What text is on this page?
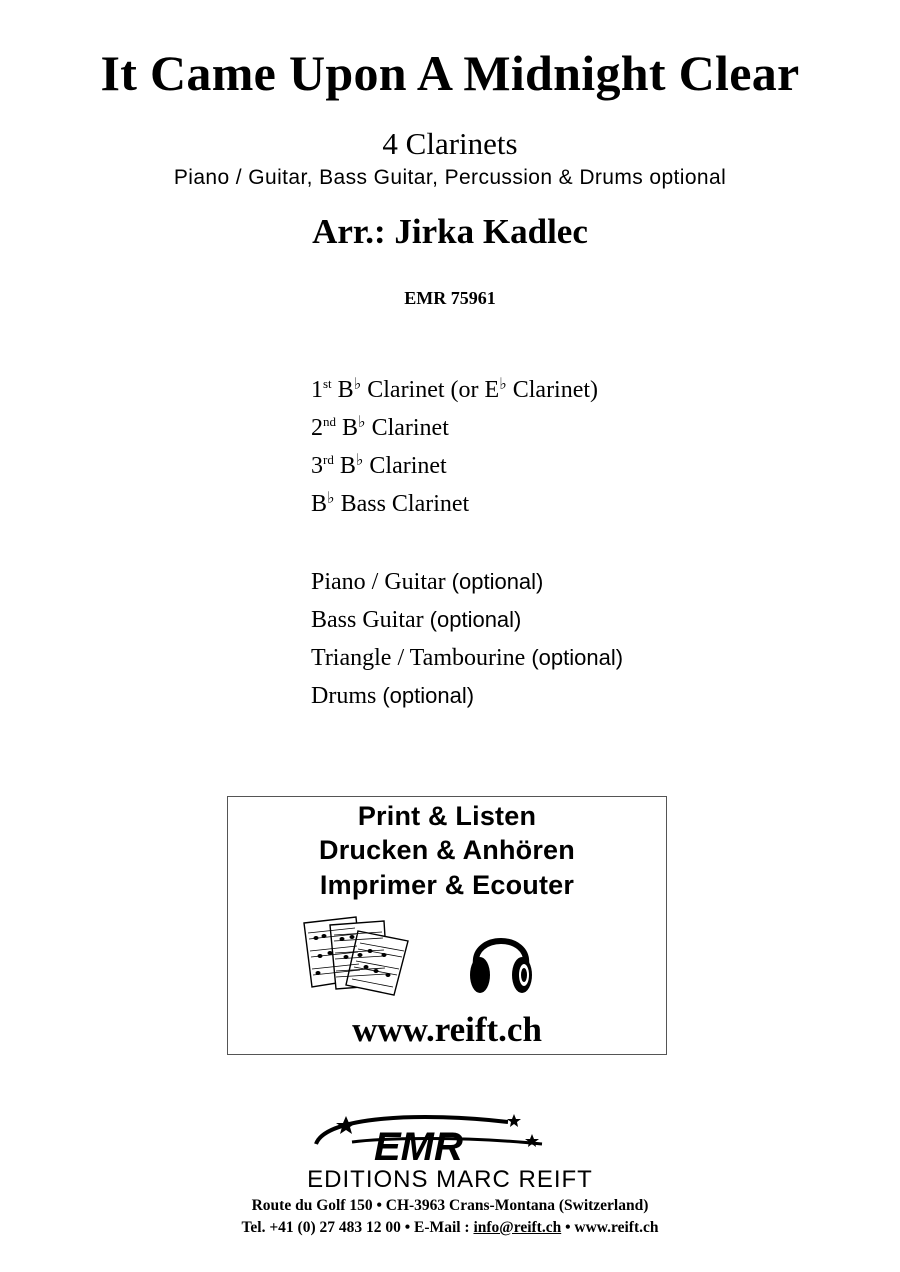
It Came Upon A Midnight Clear
4 Clarinets
Piano / Guitar, Bass Guitar, Percussion & Drums optional
Arr.: Jirka Kadlec
EMR 75961
1st B♭ Clarinet (or E♭ Clarinet)
2nd B♭ Clarinet
3rd B♭ Clarinet
B♭ Bass Clarinet
Piano / Guitar (optional)
Bass Guitar (optional)
Triangle / Tambourine (optional)
Drums (optional)
Print & Listen
Drucken & Anhören
Imprimer & Ecouter
www.reift.ch
EMR
EDITIONS MARC REIFT
Route du Golf 150 • CH-3963 Crans-Montana (Switzerland)
Tel. +41 (0) 27 483 12 00 • E-Mail : info@reift.ch • www.reift.ch
